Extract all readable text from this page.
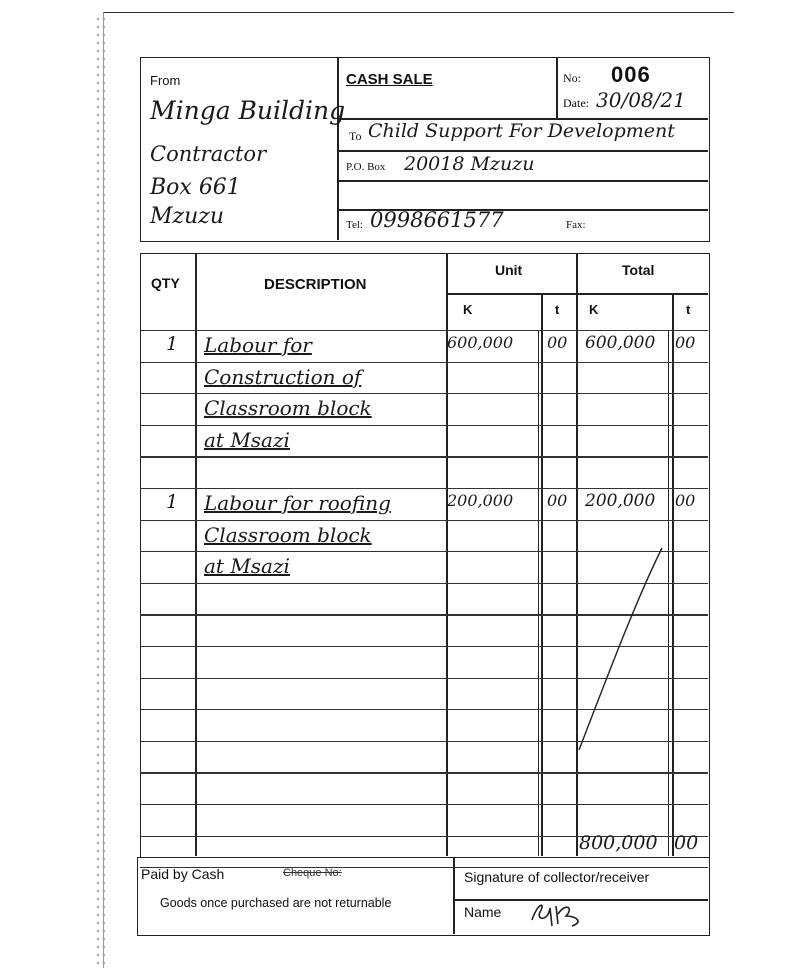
From
Minga Building
Contractor
Box 661
Mzuzu
CASH SALE	No: 006
Date: 30/08/21
To Child Support For Development
P.O. Box 20018 Mzuzu
Tel: 0998661577	Fax:
QTY	DESCRIPTION
Unit	Total
K	t K	t
1 Labour for	600,000 00 600,000 00
Construction of
Classroom block
at Msazi
1 Labour for roofing	200,000 00 200,000 00
Classroom block
at Msazi
800,000 00
Paid by Cash	Cheque No:
Goods once purchased are not returnable
Signature of collector/receiver
Name
